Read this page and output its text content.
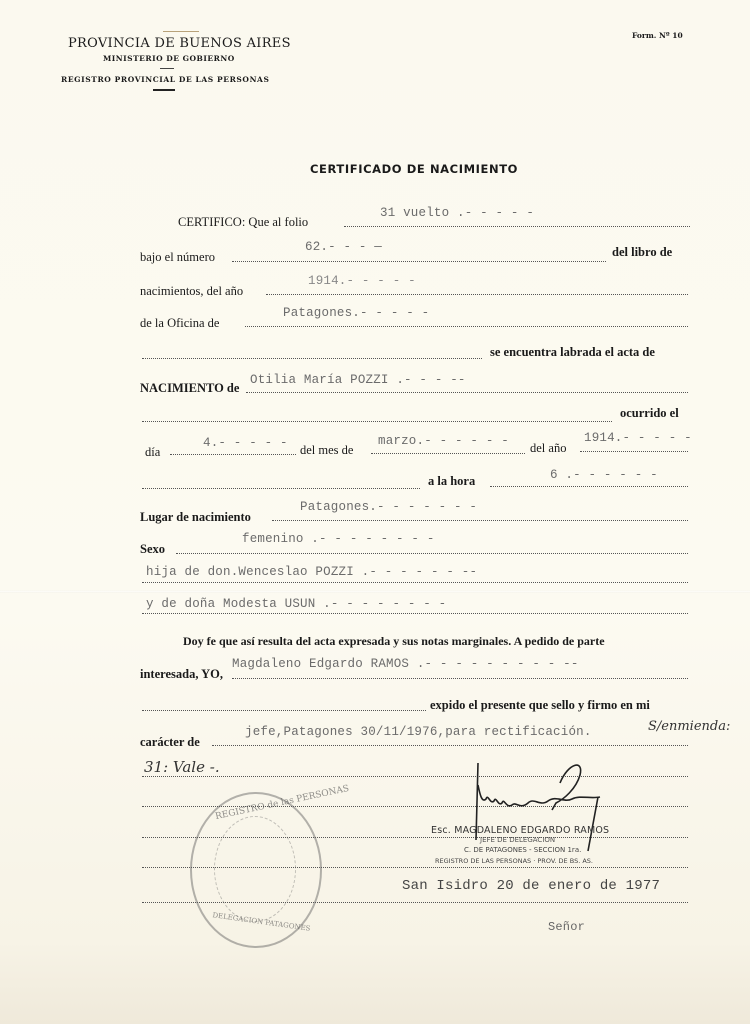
PROVINCIA DE BUENOS AIRES
MINISTERIO DE GOBIERNO
REGISTRO PROVINCIAL DE LAS PERSONAS
Form. Nº 10
CERTIFICADO DE NACIMIENTO
CERTIFICO: Que al folio
31 vuelto .- - - - -
bajo el número
62.- - - —	del libro de
nacimientos, del año
1914.- - - - -
de la Oficina de
Patagones.- - - - -
se encuentra labrada el acta de
NACIMIENTO de
Otilia María POZZI .- - - --
ocurrido el
día
4.- - - - - del mes de
marzo.- - - - - - del año
1914.- - - - -
a la hora	6 .- - - - - -
Lugar de nacimiento
Patagones.- - - - - - -
Sexo
femenino .- - - - - - - -
hija de don.Wenceslao POZZI .- - - - - - --
y de doña Modesta USUN .- - - - - - - -
Doy fe que así resulta del acta expresada y sus notas marginales. A pedido de parte
interesada, YO,
Magdaleno Edgardo RAMOS .- - - - - - - - - --
expido el presente que sello y firmo en mi
carácter de
jefe,Patagones 30/11/1976,para rectificación.	S/enmienda:
31: Vale -.
Esc. MAGDALENO EDGARDO RAMOS
JEFE DE DELEGACION
C. DE PATAGONES - SECCION 1ra.
REGISTRO DE LAS PERSONAS · PROV. DE BS. AS.
REGISTRO de las PERSONAS
DELEGACION PATAGONES
San Isidro 20 de enero de 1977
Señor
